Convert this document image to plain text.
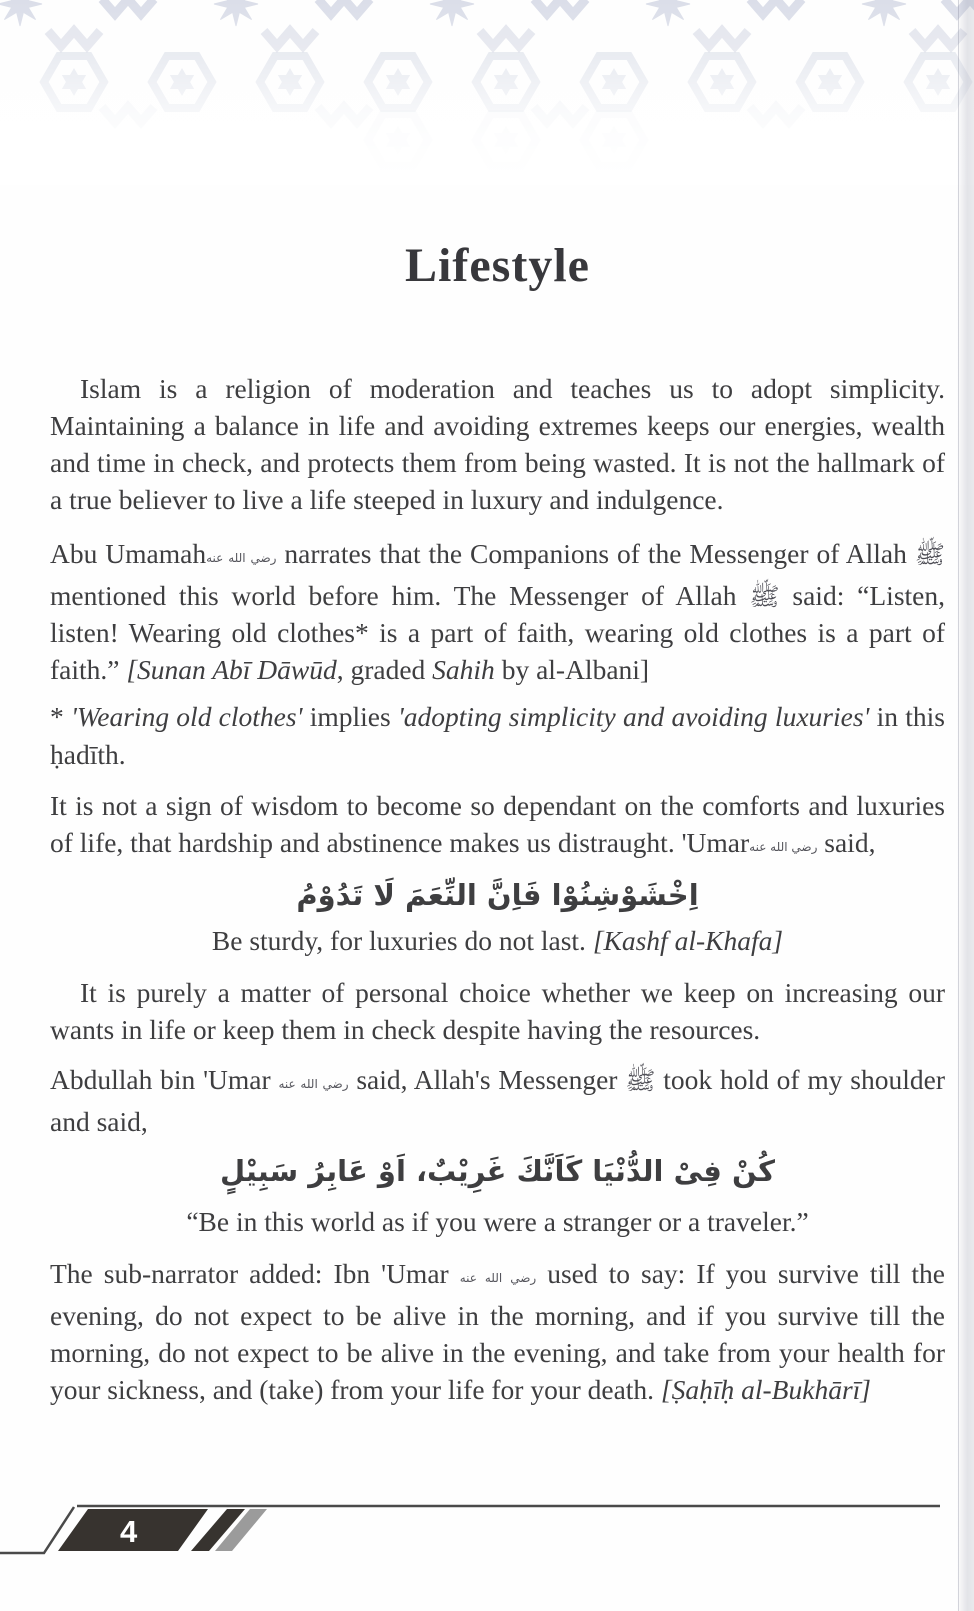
Lifestyle

Islam is a religion of moderation and teaches us to adopt simplicity. Maintaining a balance in life and avoiding extremes keeps our energies, wealth and time in check, and protects them from being wasted. It is not the hallmark of a true believer to live a life steeped in luxury and indulgence.

Abu Umamahرضي الله عنه narrates that the Companions of the Messenger of Allah ﷺ mentioned this world before him. The Messenger of Allah ﷺ said: “Listen, listen! Wearing old clothes* is a part of faith, wearing old clothes is a part of faith.” [Sunan Abī Dāwūd, graded Sahih by al-Albani]

* 'Wearing old clothes' implies 'adopting simplicity and avoiding luxuries' in this ḥadīth.

It is not a sign of wisdom to become so dependant on the comforts and luxuries of life, that hardship and abstinence makes us distraught. 'Umarرضي الله عنه said,

اِخْشَوْشِنُوْا فَاِنَّ النِّعَمَ لَا تَدُوْمُ

Be sturdy, for luxuries do not last. [Kashf al-Khafa]

It is purely a matter of personal choice whether we keep on increasing our wants in life or keep them in check despite having the resources.

Abdullah bin 'Umar رضي الله عنه said, Allah's Messenger ﷺ took hold of my shoulder and said,

كُنْ فِىْ الدُّنْيَا كَاَنَّكَ غَرِيْبٌ، اَوْ عَابِرُ سَبِيْلٍ

“Be in this world as if you were a stranger or a traveler.”

The sub-narrator added: Ibn 'Umar رضي الله عنه used to say: If you survive till the evening, do not expect to be alive in the morning, and if you survive till the morning, do not expect to be alive in the evening, and take from your health for your sickness, and (take) from your life for your death. [Ṣaḥīḥ al-Bukhārī]

4
